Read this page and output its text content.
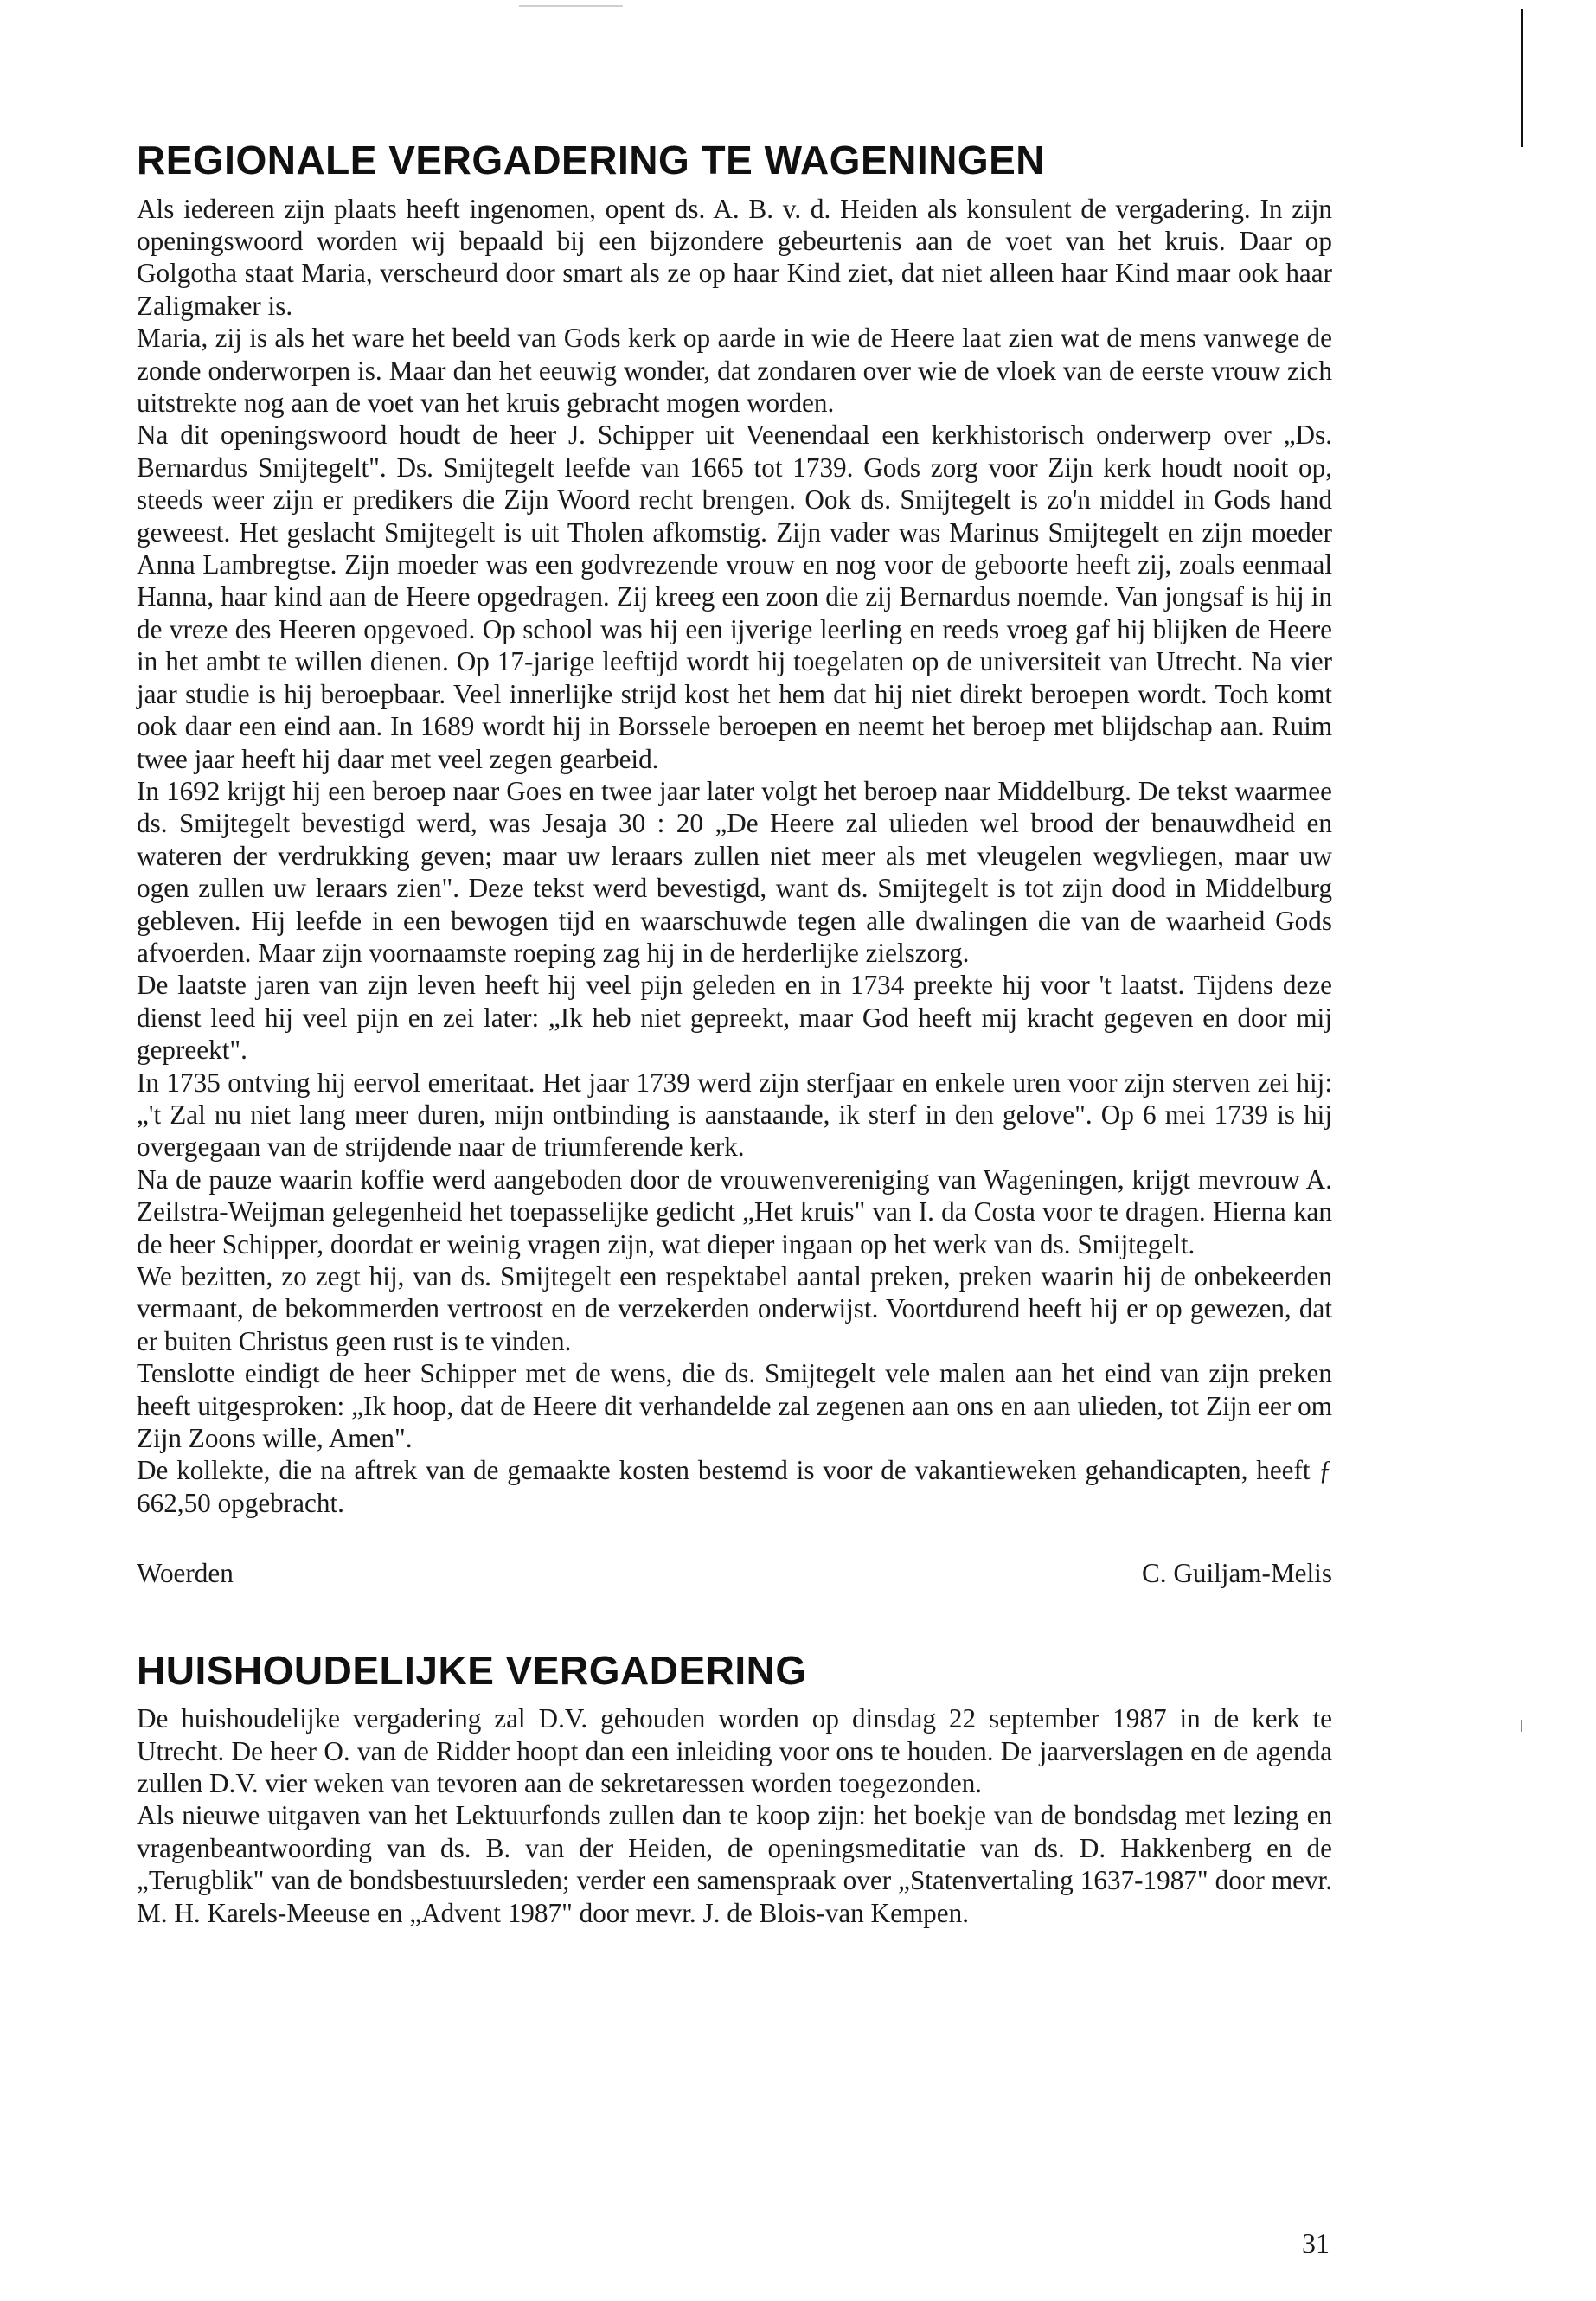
REGIONALE VERGADERING TE WAGENINGEN

Als iedereen zijn plaats heeft ingenomen, opent ds. A. B. v. d. Heiden als konsulent de vergadering. In zijn openingswoord worden wij bepaald bij een bijzondere gebeurtenis aan de voet van het kruis. Daar op Golgotha staat Maria, verscheurd door smart als ze op haar Kind ziet, dat niet alleen haar Kind maar ook haar Zaligmaker is.

Maria, zij is als het ware het beeld van Gods kerk op aarde in wie de Heere laat zien wat de mens vanwege de zonde onderworpen is. Maar dan het eeuwig wonder, dat zondaren over wie de vloek van de eerste vrouw zich uitstrekte nog aan de voet van het kruis gebracht mogen worden.

Na dit openingswoord houdt de heer J. Schipper uit Veenendaal een kerkhistorisch onderwerp over „Ds. Bernardus Smijtegelt". Ds. Smijtegelt leefde van 1665 tot 1739. Gods zorg voor Zijn kerk houdt nooit op, steeds weer zijn er predikers die Zijn Woord recht brengen. Ook ds. Smijtegelt is zo'n middel in Gods hand geweest. Het geslacht Smijtegelt is uit Tholen afkomstig. Zijn vader was Marinus Smijtegelt en zijn moeder Anna Lambregtse. Zijn moeder was een godvrezende vrouw en nog voor de geboorte heeft zij, zoals eenmaal Hanna, haar kind aan de Heere opgedragen. Zij kreeg een zoon die zij Bernardus noemde. Van jongsaf is hij in de vreze des Heeren opgevoed. Op school was hij een ijverige leerling en reeds vroeg gaf hij blijken de Heere in het ambt te willen dienen. Op 17-jarige leeftijd wordt hij toegelaten op de universiteit van Utrecht. Na vier jaar studie is hij beroepbaar. Veel innerlijke strijd kost het hem dat hij niet direkt beroepen wordt. Toch komt ook daar een eind aan. In 1689 wordt hij in Borssele beroepen en neemt het beroep met blijdschap aan. Ruim twee jaar heeft hij daar met veel zegen gearbeid.

In 1692 krijgt hij een beroep naar Goes en twee jaar later volgt het beroep naar Middelburg. De tekst waarmee ds. Smijtegelt bevestigd werd, was Jesaja 30 : 20 „De Heere zal ulieden wel brood der benauwdheid en wateren der verdrukking geven; maar uw leraars zullen niet meer als met vleugelen wegvliegen, maar uw ogen zullen uw leraars zien". Deze tekst werd bevestigd, want ds. Smijtegelt is tot zijn dood in Middelburg gebleven. Hij leefde in een bewogen tijd en waarschuwde tegen alle dwalingen die van de waarheid Gods afvoerden. Maar zijn voornaamste roeping zag hij in de herderlijke zielszorg.

De laatste jaren van zijn leven heeft hij veel pijn geleden en in 1734 preekte hij voor 't laatst. Tijdens deze dienst leed hij veel pijn en zei later: „Ik heb niet gepreekt, maar God heeft mij kracht gegeven en door mij gepreekt".

In 1735 ontving hij eervol emeritaat. Het jaar 1739 werd zijn sterfjaar en enkele uren voor zijn sterven zei hij: „'t Zal nu niet lang meer duren, mijn ontbinding is aanstaande, ik sterf in den gelove". Op 6 mei 1739 is hij overgegaan van de strijdende naar de triumferende kerk.

Na de pauze waarin koffie werd aangeboden door de vrouwenvereniging van Wageningen, krijgt mevrouw A. Zeilstra-Weijman gelegenheid het toepasselijke gedicht „Het kruis" van I. da Costa voor te dragen. Hierna kan de heer Schipper, doordat er weinig vragen zijn, wat dieper ingaan op het werk van ds. Smijtegelt.

We bezitten, zo zegt hij, van ds. Smijtegelt een respektabel aantal preken, preken waarin hij de onbekeerden vermaant, de bekommerden vertroost en de verzekerden onderwijst. Voortdurend heeft hij er op gewezen, dat er buiten Christus geen rust is te vinden.

Tenslotte eindigt de heer Schipper met de wens, die ds. Smijtegelt vele malen aan het eind van zijn preken heeft uitgesproken: „Ik hoop, dat de Heere dit verhandelde zal zegenen aan ons en aan ulieden, tot Zijn eer om Zijn Zoons wille, Amen".

De kollekte, die na aftrek van de gemaakte kosten bestemd is voor de vakantieweken gehandicapten, heeft ƒ 662,50 opgebracht.

Woerden	C. Guiljam-Melis
HUISHOUDELIJKE VERGADERING

De huishoudelijke vergadering zal D.V. gehouden worden op dinsdag 22 september 1987 in de kerk te Utrecht. De heer O. van de Ridder hoopt dan een inleiding voor ons te houden. De jaarverslagen en de agenda zullen D.V. vier weken van tevoren aan de sekretaressen worden toegezonden.

Als nieuwe uitgaven van het Lektuurfonds zullen dan te koop zijn: het boekje van de bondsdag met lezing en vragenbeantwoording van ds. B. van der Heiden, de openingsmeditatie van ds. D. Hakkenberg en de „Terugblik" van de bondsbestuursleden; verder een samenspraak over „Statenvertaling 1637-1987" door mevr. M. H. Karels-Meeuse en „Advent 1987" door mevr. J. de Blois-van Kempen.

31
